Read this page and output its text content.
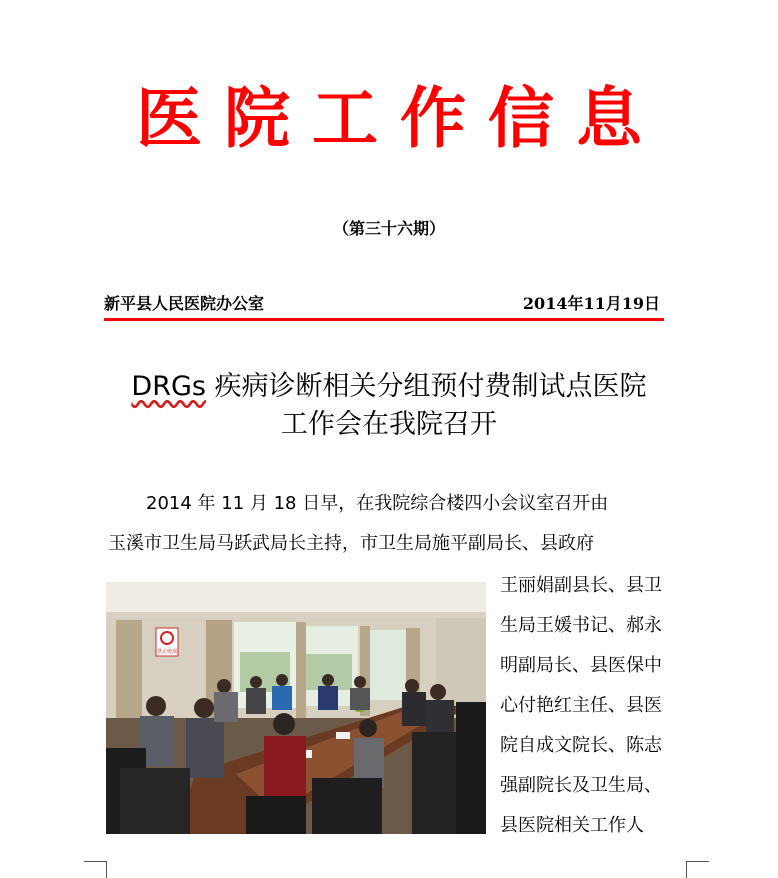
医院工作信息
（第三十六期）
新平县人民医院办公室	2014年11月19日
DRGs 疾病诊断相关分组预付费制试点医院
工作会在我院召开
2014 年 11 月 18 日早，在我院综合楼四小会议室召开由
玉溪市卫生局马跃武局长主持，市卫生局施平副局长、县政府
禁止吸烟
王丽娟副县长、县卫
生局王媛书记、郝永
明副局长、县医保中
心付艳红主任、县医
院自成文院长、陈志
强副院长及卫生局、
县医院相关工作人
